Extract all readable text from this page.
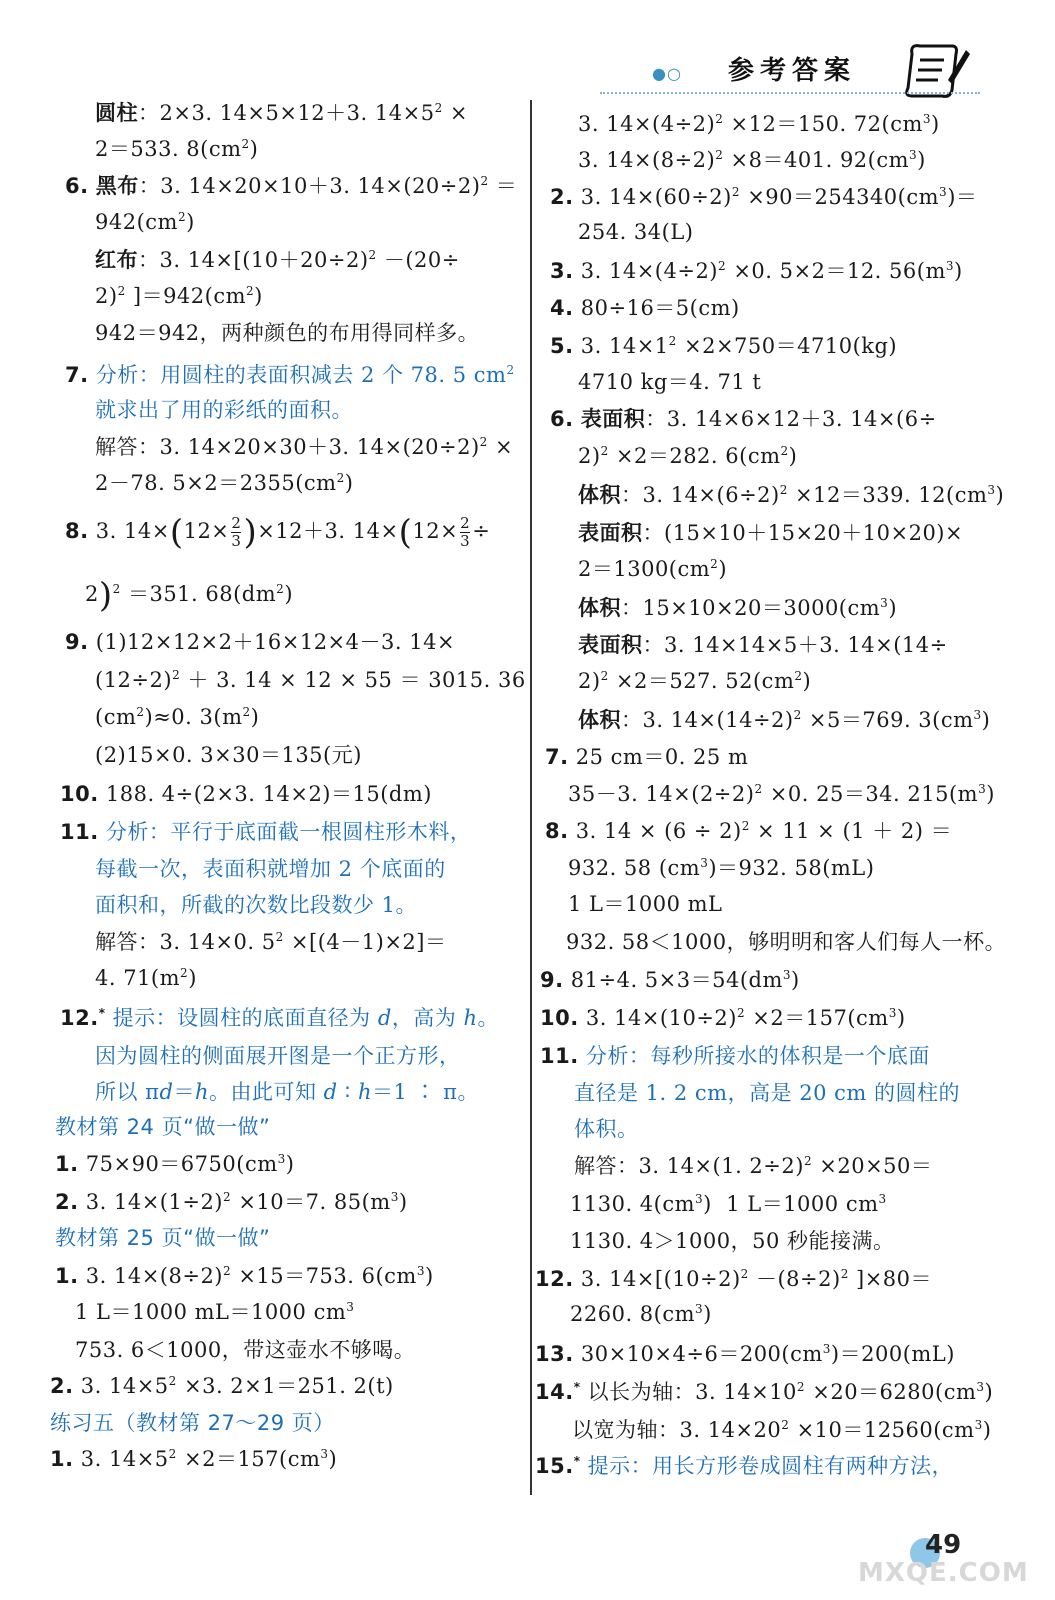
●○ 参考答案
圆柱：2×3. 14×5×12＋3. $14\times 5^2$ ×
2＝533. $8(cm^2)$
6. 黑布：3. 14×20×10＋3. $14\times(20\div 2)^2$ ＝
$942(cm^2)$
红布：3. $14\times[(10+20\div 2)^2 -(20\div$
2)$^2$ ]$=942(cm^2)$
942＝942，两种颜色的布用得同样多。
7. 分析：用圆柱的表面积减去 2 个 78. 5 $cm^2$
就求出了用的彩纸的面积。
解答：3. 14×20×30＋3. $14\times(20\div 2)^2$ ×
2－78. $5\times 2=2355(cm^2)$
8. 3. $14\times(12\times \frac{2}{3} )\times 12+3$. $14\times(12\times \frac{2}{3}$ ÷
2)$^2$ ＝351. $68(dm^2)$
9. (1)12×12×2＋16×12×4－3. 14×
$(12\div 2)^2 + 3$. 14 × 12 × 55 ＝ 3015. 36
$(cm^2)\approx 0$. $3(m^2)$
(2)15×0. 3×30＝135(元)
10. 188. 4÷(2×3. 14×2)＝15(dm)
11. 分析：平行于底面截一根圆柱形木料，
每截一次，表面积就增加 2 个底面的
面积和，所截的次数比段数少 1。
解答：3. 14×0. $5^2 \times[(4-1)\times 2]=$
4. $71(m^2)$
12.* 提示：设圆柱的底面直径为 d，高为 h。
因为圆柱的侧面展开图是一个正方形，
所以 πd＝h。由此可知 d ∶ h＝1 ∶ π。
教材第 24 页“做一做”
1. $75\times 90=6750(cm^3)$
2. 3. $14\times(1\div 2)^2 \times 10=7$. $85(m^3)$
教材第 25 页“做一做”
1. 3. $14\times(8\div 2)^2 \times 15=753$. $6(cm^3)$
1 L＝1000 mL＝1000 $cm^3$
753. 6＜1000，带这壶水不够喝。
2. 3. $14\times 5^2 \times 3$. 2×1＝251. 2(t)
练习五（教材第 27～29 页）
1. 3. $14\times 5^2 \times 2=157(cm^3)$
3. $14\times(4\div 2)^2 \times 12=150$. $72(cm^3)$
3. $14\times(8\div 2)^2 \times 8=401$. $92(cm^3)$
2. 3. $14\times(60\div 2)^2 \times 90=254340(cm^3)=$
254. 34(L)
3. 3. $14\times(4\div 2)^2 \times 0$. 5×2＝12. $56(m^3)$
4. 80÷16＝5(cm)
5. 3. $14\times 1^2 \times 2\times 750=4710(kg)$
4710 kg＝4. 71 t
6. 表面积：3. 14×6×12＋3. 14×(6÷
2)$^2$ ×2＝282. $6(cm^2)$
体积：3. $14\times(6\div 2)^2 \times 12=339$. $12(cm^3)$
表面积：(15×10＋15×20＋10×20)×
$2=1300(cm^2)$
体积：$15\times 10\times 20=3000(cm^3)$
表面积：3. 14×14×5＋3. 14×(14÷
2)$^2$ ×2＝527. $52(cm^2)$
体积：3. $14\times(14\div 2)^2 \times 5=769$. $3(cm^3)$
7. 25 cm＝0. 25 m
35－3. $14\times(2\div 2)^2 \times 0$. 25＝34. $215(m^3)$
8. 3. $14 \times (6 \div 2)^2 \times 11 \times (1 + 2)$ ＝
932. 58 $(cm^3)=932$. 58(mL)
1 L＝1000 mL
932. 58＜1000，够明明和客人们每人一杯。
9. 81÷4. $5\times 3=54(dm^3)$
10. 3. $14\times(10\div 2)^2 \times 2=157(cm^3)$
11. 分析：每秒所接水的体积是一个底面
直径是 1. 2 cm，高是 20 cm 的圆柱的
体积。
解答：3. 14×(1. 2÷2)$^2$ ×20×50＝
1130. $4(cm^3)$  1 L＝1000 $cm^3$
1130. 4＞1000，50 秒能接满。
12. 3. $14\times[(10\div 2)^2 -(8\div 2)^2$ ]×80＝
2260. $8(cm^3)$
13. $30\times 10\times 4\div 6=200(cm^3)=200(mL)$
14.* 以长为轴：3. $14\times 10^2 \times 20=6280(cm^3)$
以宽为轴：3. $14\times 20^2 \times 10=12560(cm^3)$
15.* 提示：用长方形卷成圆柱有两种方法，
49
MXQE.COM
